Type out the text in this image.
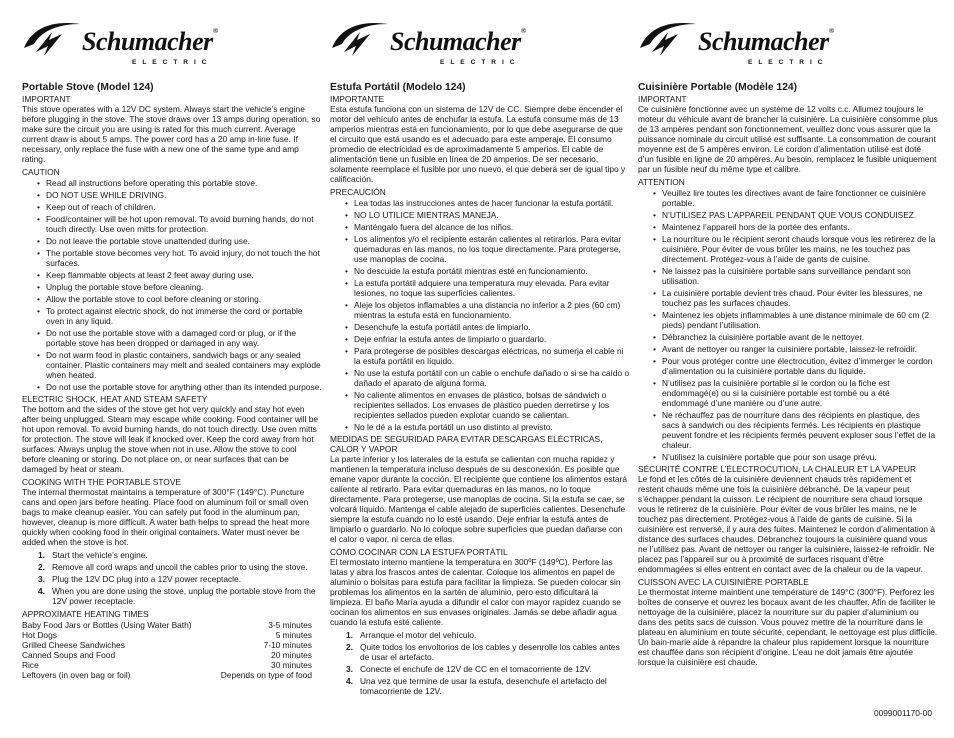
Schumacher®
ELECTRIC
Portable Stove (Model 124)

IMPORTANT

This stove operates with a 12V DC system. Always start the vehicle’s engine before plugging in the stove. The stove draws over 13 amps during operation, so make sure the circuit you are using is rated for this much current. Average current draw is about 5 amps. The power cord has a 20 amp in-line fuse. If necessary, only replace the fuse with a new one of the same type and amp rating.

CAUTION

• Read all instructions before operating this portable stove.
• DO NOT USE WHILE DRIVING.
• Keep out of reach of children.
• Food/container will be hot upon removal. To avoid burning hands, do not touch directly. Use oven mitts for protection.
• Do not leave the portable stove unattended during use.
• The portable stove becomes very hot. To avoid injury, do not touch the hot surfaces.
• Keep flammable objects at least 2 feet away during use.
• Unplug the portable stove before cleaning.
• Allow the portable stove to cool before cleaning or storing.
• To protect against electric shock, do not immerse the cord or portable oven in any liquid.
• Do not use the portable stove with a damaged cord or plug, or if the portable stove has been dropped or damaged in any way.
• Do not warm food in plastic containers, sandwich bags or any sealed container. Plastic containers may melt and sealed containers may explode when heated.
• Do not use the portable stove for anything other than its intended purpose.

ELECTRIC SHOCK, HEAT AND STEAM SAFETY

The bottom and the sides of the stove get hot very quickly and stay hot even after being unplugged. Steam may escape while cooking. Food container will be hot upon removal. To avoid burning hands, do not touch directly. Use oven mitts for protection. The stove will leak if knocked over. Keep the cord away from hot surfaces. Always unplug the stove when not in use. Allow the stove to cool before cleaning or storing. Do not place on, or near surfaces that can be damaged by heat or steam.

COOKING WITH THE PORTABLE STOVE

The internal thermostat maintains a temperature of 300°F (149°C). Puncture cans and open jars before heating. Place food on aluminum foil or small oven bags to make cleanup easier. You can safely put food in the aluminum pan, however, cleanup is more difficult. A water bath helps to spread the heat more quickly when cooking food in their original containers. Water must never be added when the stove is hot.

1. Start the vehicle’s engine.
2. Remove all cord wraps and uncoil the cables prior to using the stove.
3. Plug the 12V DC plug into a 12V power receptacle.
4. When you are done using the stove, unplug the portable stove from the 12V power receptacle.

APPROXIMATE HEATING TIMES

Baby Food Jars or Bottles (Using Water Bath)	3-5 minutes
Hot Dogs	5 minutes
Grilled Cheese Sandwiches	7-10 minutes
Canned Soups and Food	20 minutes
Rice	30 minutes
Leftovers (in oven bag or foil)	Depends on type of food
Schumacher®
ELECTRIC
Estufa Portátil (Modelo 124)

IMPORTANTE

Esta estufa funciona con un sistema de 12V de CC. Siempre debe encender el motor del vehículo antes de enchufar la estufa. La estufa consume más de 13 amperios mientras está en funcionamiento, por lo que debe asegurarse de que el circuito que está usando es el adecuado para este amperaje. El consumo promedio de electricidad es de aproximadamente 5 amperios. El cable de alimentación tiene un fusible en línea de 20 amperios. De ser necesario, solamente reemplace el fusible por uno nuevo, el que deberá ser de igual tipo y calificación.

PRECAUCIÓN

• Lea todas las instrucciones antes de hacer funcionar la estufa portátil.
• NO LO UTILICE MIENTRAS MANEJA.
• Manténgalo fuera del alcance de los niños.
• Los alimentos y/o el recipiente estarán calientes al retirarlos. Para evitar quemaduras en las manos, no los toque directamente. Para protegerse, use manoplas de cocina.
• No descuide la estufa portátil mientras esté en funcionamiento.
• La estufa portátil adquiere una temperatura muy elevada. Para evitar lesiones, no toque las superficies calientes.
• Aleje los objetos inflamables a una distancia no inferior a 2 pies (60 cm) mientras la estufa está en funcionamiento.
• Desenchufe la estufa portátil antes de limpiarlo.
• Deje enfriar la estufa antes de limpiarlo o guardarlo.
• Para protegerse de posibles descargas eléctricas, no sumerja el cable ni la estufa portátil en líquido.
• No use la estufa portátil con un cable o enchufe dañado o si se ha caído o dañado el aparato de alguna forma.
• No caliente alimentos en envases de plástico, bolsas de sándwich o recipientes sellados. Los envases de plástico pueden derretirse y los recipientes sellados pueden explotar cuando se calientan.
• No le dé a la estufa portátil un uso distinto al previsto.

MEDIDAS DE SEGURIDAD PARA EVITAR DESCARGAS ELÉCTRICAS, CALOR Y VAPOR

La parte inferior y los laterales de la estufa se calientan con mucha rapidez y mantienen la temperatura incluso después de su desconexión. Es posible que emane vapor durante la cocción. El recipiente que contiene los alimentos estará caliente al retirarlo. Para evitar quemaduras en las manos, no lo toque directamente. Para protegerse, use manoplas de cocina. Si la estufa se cae, se volcará líquido. Mantenga el cable alejado de superficies calientes. Desenchufe siempre la estufa cuando no lo esté usando. Deje enfriar la estufa antes de limpiarlo o guardarlo. No lo coloque sobre superficies que puedan dañarse con el calor o vapor, ni cerca de ellas.

CÓMO COCINAR CON LA ESTUFA PORTÁTIL

El termostato interno mantiene la temperatura en 300ºF (149ºC). Perfore las latas y abra los frascos antes de calentar. Coloque los alimentos en papel de aluminio o bolsitas para estufa para facilitar la limpieza. Se pueden colocar sin problemas los alimentos en la sartén de aluminio, pero esto dificultará la limpieza. El baño María ayuda a difundir el calor con mayor rapidez cuando se cocinan los alimentos en sus envases originales. Jamás se debe añadir agua cuando la estufa esté caliente.

1. Arranque el motor del vehículo.
2. Quite todos los envoltorios de los cables y desenrolle los cables antes de usar el artefacto.
3. Conecte el enchufe de 12V de CC en el tomacorriente de 12V.
4. Una vez que termine de usar la estufa, desenchufe el artefacto del tomacorriente de 12V.
Schumacher®
ELECTRIC
Cuisinière Portable (Modèle 124)

IMPORTANT

Ce cuisinière fonctionne avec un système de 12 volts c.c. Allumez toujours le moteur du véhicule avant de brancher la cuisinière. La cuisinière consomme plus de 13 ampères pendant son fonctionnement, veuillez donc vous assurer que la puissance nominale du circuit utilisé est suffisante. La consommation de courant moyenne est de 5 ampères environ. Le cordon d’alimentation utilisé est doté d’un fusible en ligne de 20 ampères. Au besoin, remplacez le fusible uniquement par un fusible neuf du même type et calibre.

ATTENTION

• Veuillez lire toutes les directives avant de faire fonctionner ce cuisinière portable.
• N’UTILISEZ PAS L’APPAREIL PENDANT QUE VOUS CONDUISEZ.
• Maintenez l’appareil hors de la portée des enfants.
• La nourriture ou le récipient seront chauds lorsque vous les retirerez de la cuisinière. Pour éviter de vous brûler les mains, ne les touchez pas directement. Protégez-vous à l’aide de gants de cuisine.
• Ne laissez pas la cuisinière portable sans surveillance pendant son utilisation.
• La cuisinière portable devient très chaud. Pour éviter les blessures, ne touchez pas les surfaces chaudes.
• Maintenez les objets inflammables à une distance minimale de 60 cm (2 pieds) pendant l’utilisation.
• Débranchez la cuisinière portable avant de le nettoyer.
• Avant de nettoyer ou ranger la cuisinière portable, laissez-le refroidir.
• Pour vous protéger contre une électrocution, évitez d’immerger le cordon d’alimentation ou la cuisinière portable dans du liquide.
• N’utilisez pas la cuisinière portable si le cordon ou la fiche est endommagé(e) ou si la cuisinière portable est tombé ou a été endommagé d’une manière ou d’une autre.
• Ne réchauffez pas de nourriture dans des récipients en plastique, des sacs à sandwich ou des récipients fermés. Les récipients en plastique peuvent fondre et les récipients fermés peuvent exploser sous l’effet de la chaleur.
• N’utilisez la cuisinière portable que pour son usage prévu.

SÉCURITÉ CONTRE L’ÉLECTROCUTION, LA CHALEUR ET LA VAPEUR

Le fond et les côtés de la cuisinière deviennent chauds très rapidement et restent chauds même une fois la cuisinière débranché. De la vapeur peut s’échapper pendant la cuisson. Le récipient de nourriture sera chaud lorsque vous le retirerez de la cuisinière. Pour éviter de vous brûler les mains, ne le touchez pas directement. Protégez-vous à l’aide de gants de cuisine. Si la cuisinière est renversé, il y aura des fuites. Maintenez le cordon d’alimentation à distance des surfaces chaudes. Débranchez toujours la cuisinière quand vous ne l’utilisez pas. Avant de nettoyer ou ranger la cuisinière, laissez-le refroidir. Ne placez pas l’appareil sur ou à proximité de surfaces risquant d’être endommagées si elles entrent en contact avec de la chaleur ou de la vapeur.

CUISSON AVEC LA CUISINIÈRE PORTABLE

Le thermostat interne maintient une température de 149°C (300°F). Perforez les boîtes de conserve et ouvrez les bocaux avant de les chauffer. Afin de faciliter le nettoyage de la cuisinière, placez la nourriture sur du papier d’aluminium ou dans des petits sacs de cuisson. Vous pouvez mettre de la nourriture dans le plateau en aluminium en toute sécurité, cependant, le nettoyage est plus difficile. Un bain-marie aide à répandre la chaleur plus rapidement lorsque la nourriture est chauffée dans son récipient d’origine. L’eau ne doit jamais être ajoutée lorsque la cuisinière est chaude.

0099001170-00
